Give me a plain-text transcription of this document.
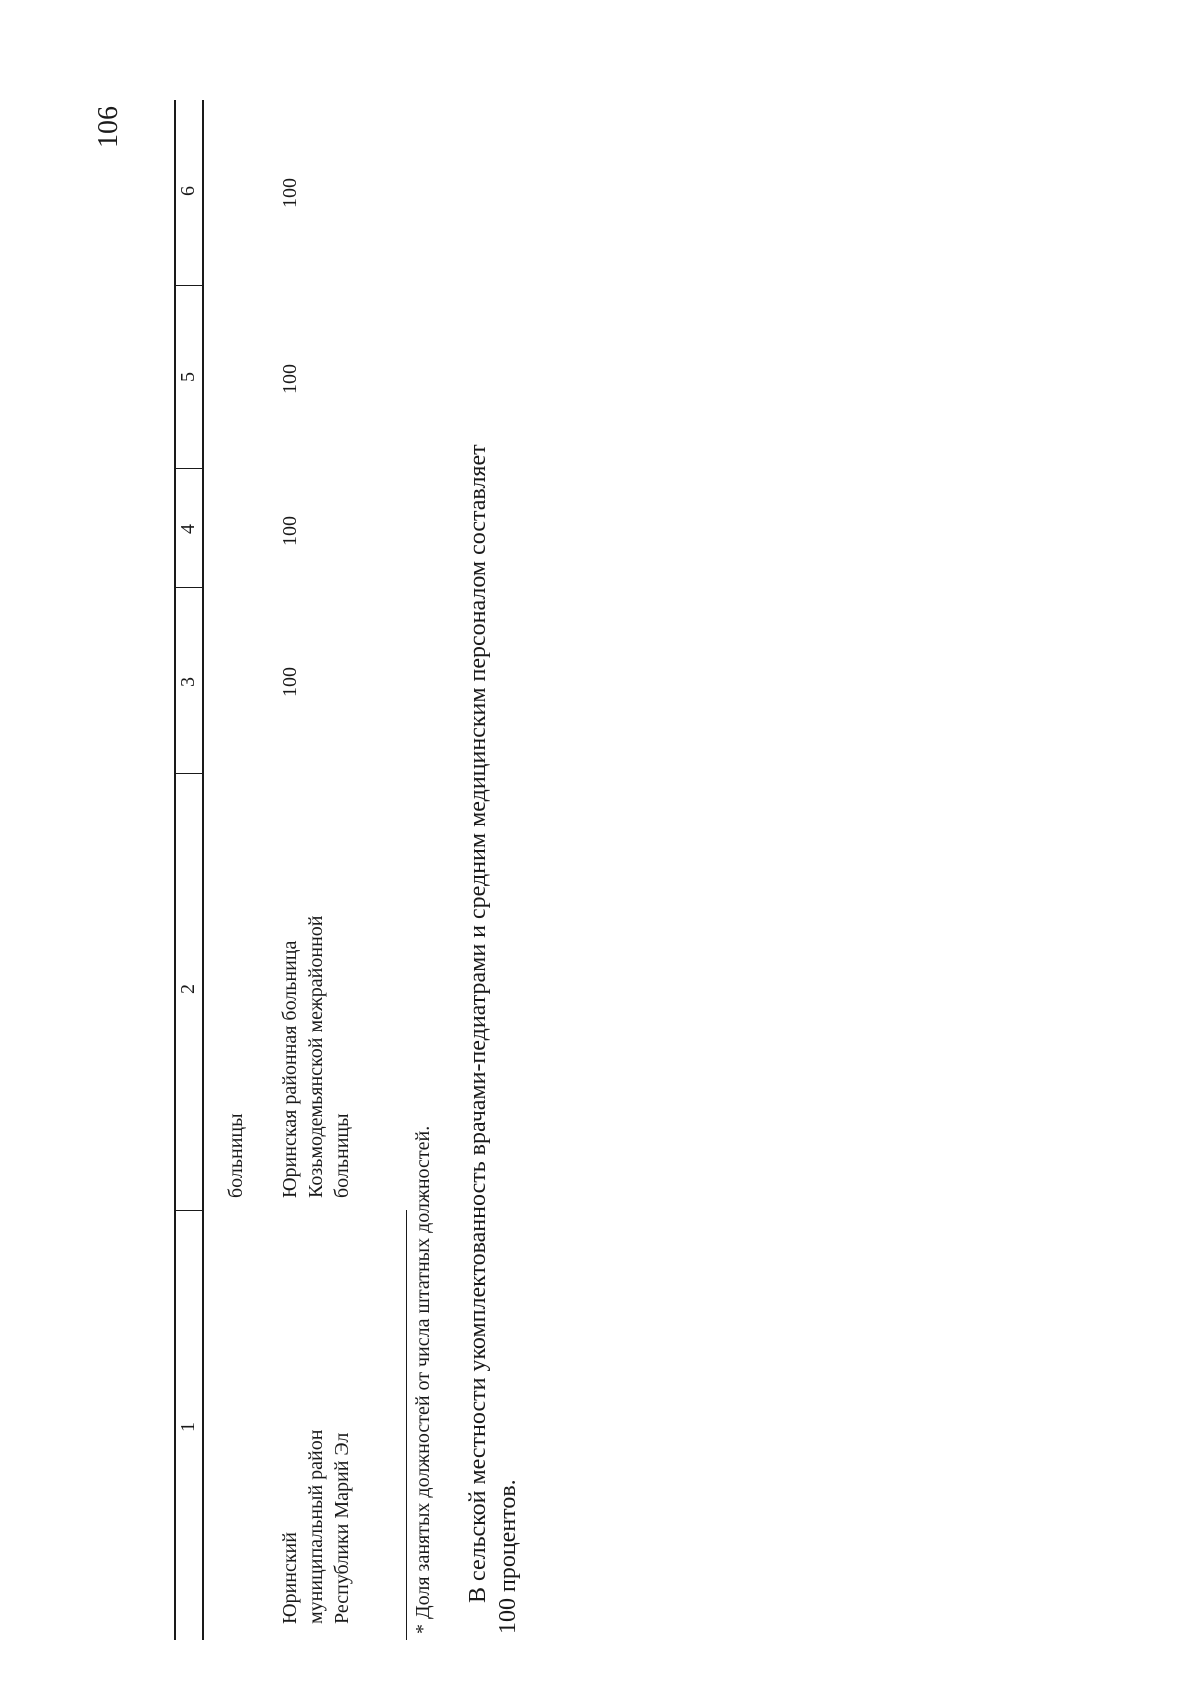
106
1
2
3
4
5
6
больницы
Юринский муниципальный район Республики Марий Эл
Юринская районная больница Козьмодемьянской межрайонной больницы
100
100
100
100
* Доля занятых должностей от числа штатных должностей. В сельской местности укомплектованность врачами-педиатрами и средним медицинским персоналом составляет 100 процентов.
